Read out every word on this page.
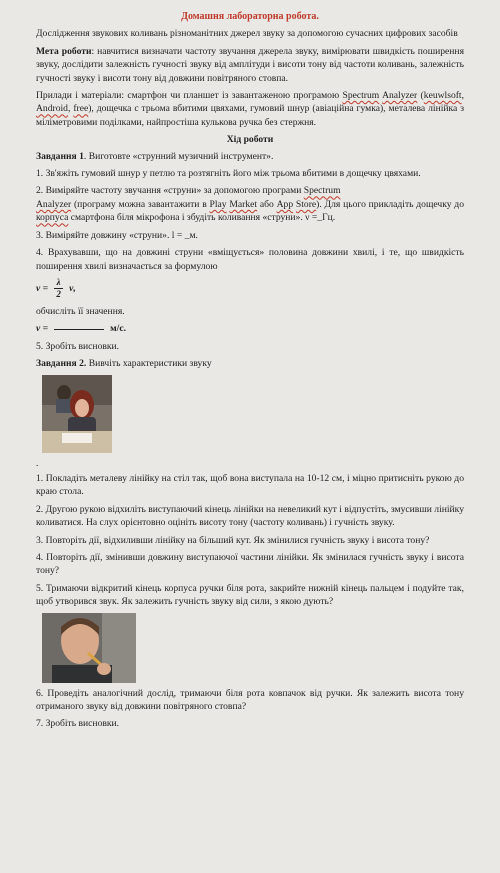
Домашня лабораторна робота.

Дослідження звукових коливань різноманітних джерел звуку за допомогою сучасних цифрових засобів

Мета роботи: навчитися визначати частоту звучання джерела звуку, вимірювати швидкість поширення звуку, дослідити залежність гучності звуку від амплітуди і висоти тону від частоти коливань, залежність гучності звуку і висоти тону від довжини повітряного стовпа.

Прилади і матеріали: смартфон чи планшет із завантаженою програмою Spectrum Analyzer (keuwlsoft, Android, free), дощечка с трьома вбитими цвяхами, гумовий шнур (авіаційна гумка), металева лінійка з міліметровими поділками, найпростіша кулькова ручка без стержня.

Хід роботи

Завдання 1. Виготовте «струнний музичний інструмент».

1. Зв'яжіть гумовий шнур у петлю та розтягніть його між трьома вбитими в дощечку цвяхами.

2. Виміряйте частоту звучання «струни» за допомогою програми Spectrum
Analyzer (програму можна завантажити в Play Market або App Store). Для цього прикладіть дощечку до корпуса смартфона біля мікрофона і збудіть коливання «струни». ν =_Гц.

3. Виміряйте довжину «струни». l = _м.

4. Врахувавши, що на довжині струни «вміщується» половина довжини хвилі, і те, що швидкість поширення хвилі визначається за формулою

$v = \frac{\lambda}{2} \nu$,

обчисліть її значення.

v =	м/с.

5. Зробіть висновки.

Завдання 2. Вивчіть характеристики звуку

.

1. Покладіть металеву лінійку на стіл так, щоб вона виступала на 10-12 см, і міцно притисніть рукою до краю стола.

2. Другою рукою відхиліть виступаючий кінець лінійки на невеликий кут і відпустіть, змусивши лінійку коливатися. На слух орієнтовно оцініть висоту тону (частоту коливань) і гучність звуку.

3. Повторіть дії, відхиливши лінійку на більший кут. Як змінилися гучність звуку і висота тону?

4. Повторіть дії, змінивши довжину виступаючої частини лінійки. Як змінилася гучність звуку і висота тону?

5. Тримаючи відкритий кінець корпуса ручки біля рота, закрийте нижній кінець пальцем і подуйте так, щоб утворився звук. Як залежить гучність звуку від сили, з якою дують?

6. Проведіть аналогічний дослід, тримаючи біля рота ковпачок від ручки. Як залежить висота тону отриманого звуку від довжини повітряного стовпа?

7. Зробіть висновки.
